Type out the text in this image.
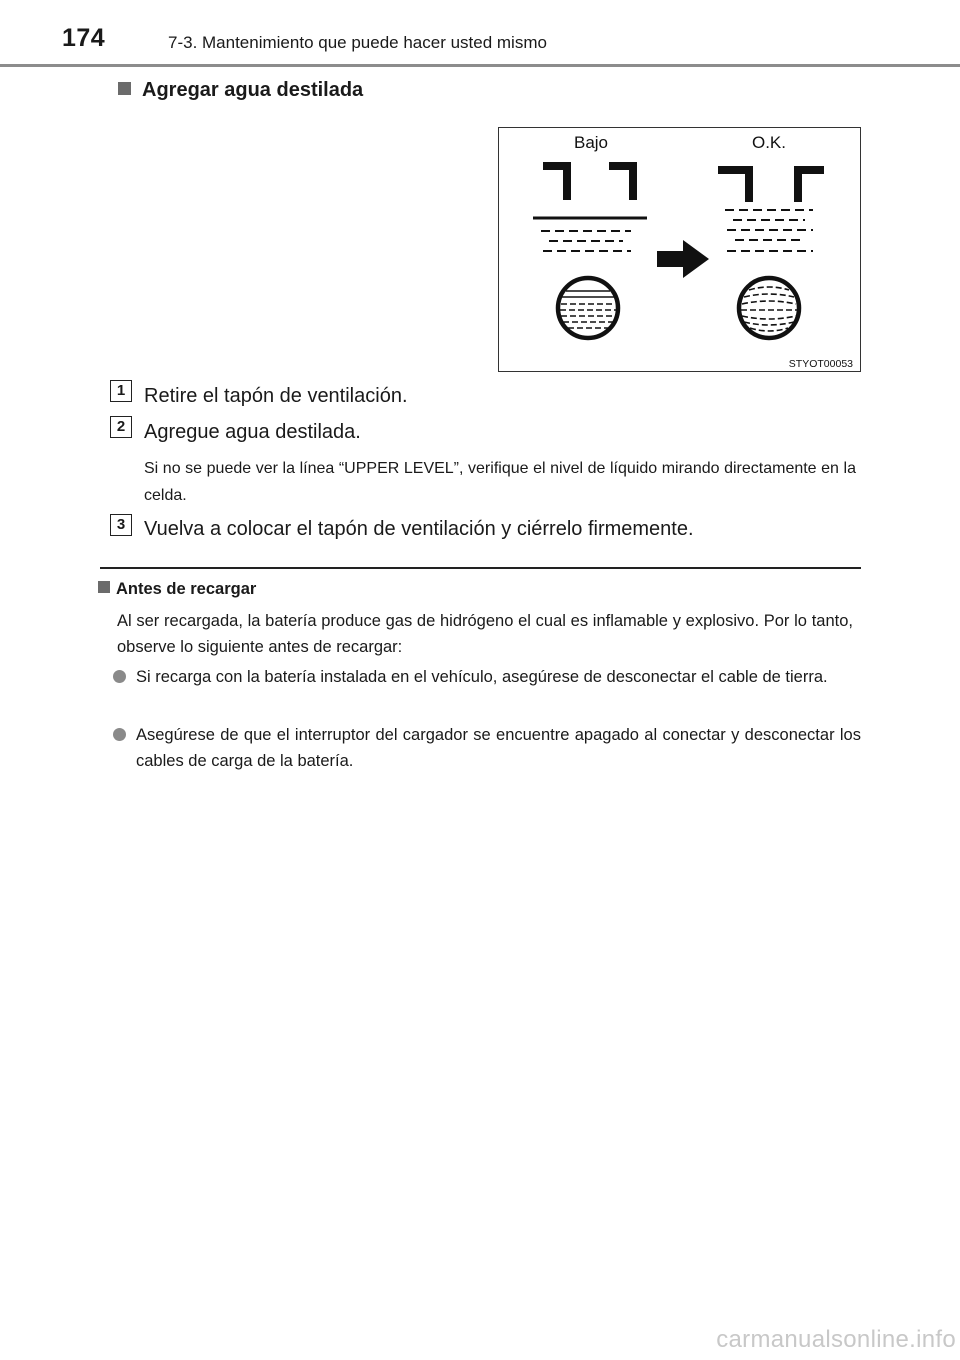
174	7-3. Mantenimiento que puede hacer usted mismo
Agregar agua destilada
Bajo	O.K.
STYOT00053
1 Retire el tapón de ventilación.
2 Agregue agua destilada.
Si no se puede ver la línea “UPPER LEVEL”, verifique el nivel de líquido mirando directamente en la celda.
3 Vuelva a colocar el tapón de ventilación y ciérrelo firmemente.
Antes de recargar
Al ser recargada, la batería produce gas de hidrógeno el cual es inflamable y explosivo. Por lo tanto, observe lo siguiente antes de recargar:
Si recarga con la batería instalada en el vehículo, asegúrese de desconectar el cable de tierra.
Asegúrese de que el interruptor del cargador se encuentre apagado al conectar y desconectar los cables de carga de la batería.
carmanualsonline.info
